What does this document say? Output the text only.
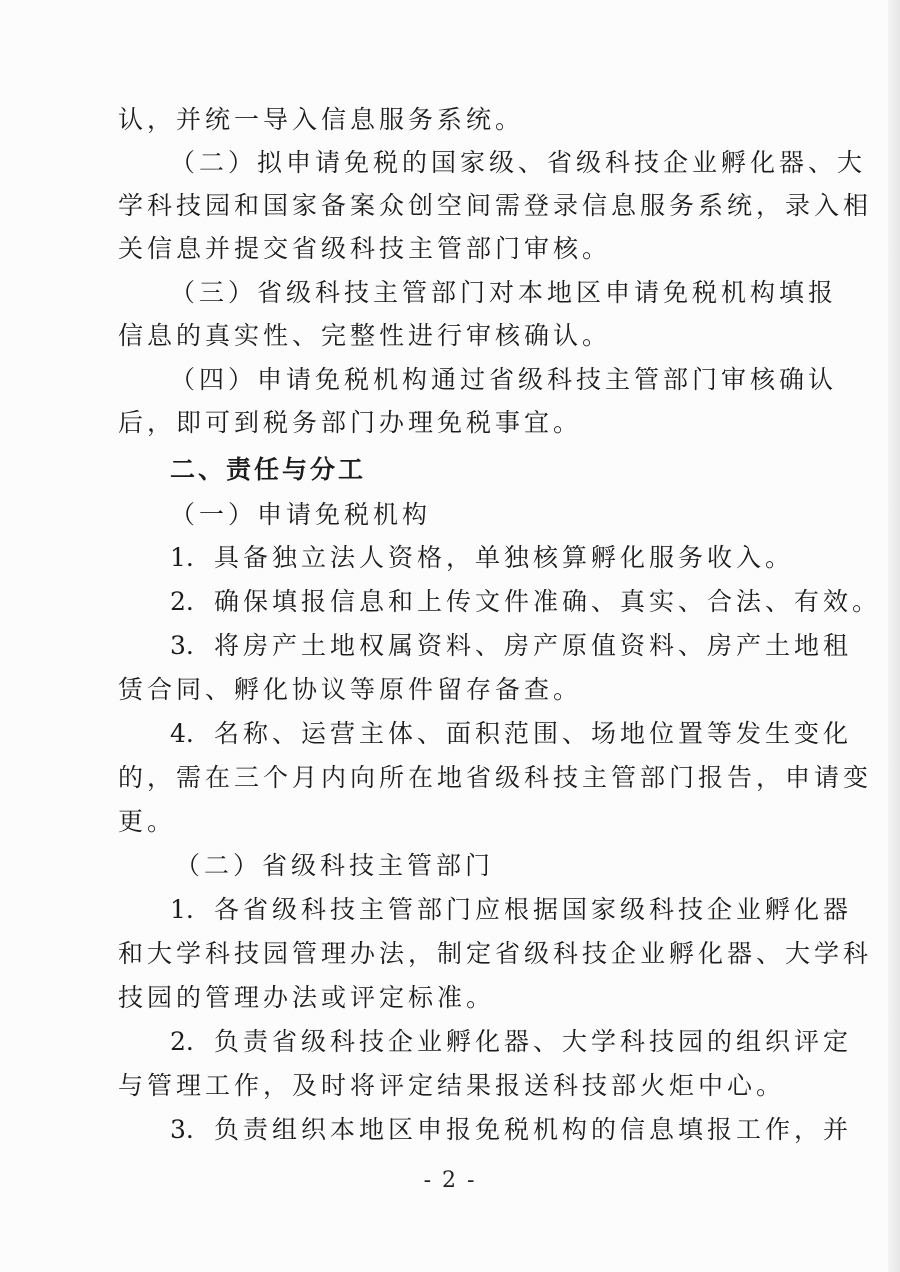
认，并统一导入信息服务系统。
（二）拟申请免税的国家级、省级科技企业孵化器、大
学科技园和国家备案众创空间需登录信息服务系统，录入相
关信息并提交省级科技主管部门审核。
（三）省级科技主管部门对本地区申请免税机构填报
信息的真实性、完整性进行审核确认。
（四）申请免税机构通过省级科技主管部门审核确认
后，即可到税务部门办理免税事宜。
二、责任与分工
（一）申请免税机构
1. 具备独立法人资格，单独核算孵化服务收入。
2. 确保填报信息和上传文件准确、真实、合法、有效。
3. 将房产土地权属资料、房产原值资料、房产土地租
赁合同、孵化协议等原件留存备查。
4. 名称、运营主体、面积范围、场地位置等发生变化
的，需在三个月内向所在地省级科技主管部门报告，申请变
更。
（二）省级科技主管部门
1. 各省级科技主管部门应根据国家级科技企业孵化器
和大学科技园管理办法，制定省级科技企业孵化器、大学科
技园的管理办法或评定标准。
2. 负责省级科技企业孵化器、大学科技园的组织评定
与管理工作，及时将评定结果报送科技部火炬中心。
3. 负责组织本地区申报免税机构的信息填报工作，并
- 2 -
